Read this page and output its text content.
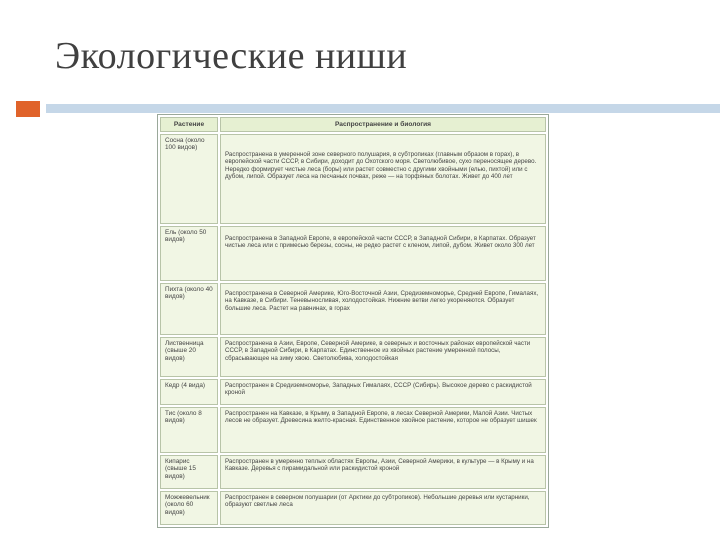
Экологические ниши
Растение	Распространение и биология
Сосна (около 100 видов)	Распространена в умеренной зоне северного полушария, в субтропиках (главным образом в горах), в европейской части СССР, в Сибири, доходит до Охотского моря. Светолюбивое, сухо переносящее дерево. Нередко формирует чистые леса (боры) или растет совместно с другими хвойными (елью, пихтой) или с дубом, липой. Образует леса на песчаных почвах, реже — на торфяных болотах. Живет до 400 лет
Ель (около 50 видов)	Распространена в Западной Европе, в европейской части СССР, в Западной Сибири, в Карпатах. Образует чистые леса или с примесью березы, сосны, не редко растет с кленом, липой, дубом. Живет около 300 лет
Пихта (около 40 видов)	Распространена в Северной Америке, Юго-Восточной Азии, Средиземноморье, Средней Европе, Гималаях, на Кавказе, в Сибири. Теневыносливая, холодостойкая. Нижние ветви легко укореняются. Образует большие леса. Растет на равнинах, в горах
Лиственница (свыше 20 видов)	Распространена в Азии, Европе, Северной Америке, в северных и восточных районах европейской части СССР, в Западной Сибири, в Карпатах. Единственное из хвойных растение умеренной полосы, сбрасывающее на зиму хвою. Светолюбива, холодостойкая
Кедр (4 вида)	Распространен в Средиземноморье, Западных Гималаях, СССР (Сибирь). Высокое дерево с раскидистой кроной
Тис (около 8 видов)	Распространен на Кавказе, в Крыму, в Западной Европе, в лесах Северной Америки, Малой Азии. Чистых лесов не образует. Древесина желто-красная. Единственное хвойное растение, которое не образует шишек
Кипарис (свыше 15 видов)	Распространен в умеренно теплых областях Европы, Азии, Северной Америки, в культуре — в Крыму и на Кавказе. Деревья с пирамидальной или раскидистой кроной
Можжевельник (около 60 видов)	Распространен в северном полушарии (от Арктики до субтропиков). Небольшие деревья или кустарники, образуют светлые леса
